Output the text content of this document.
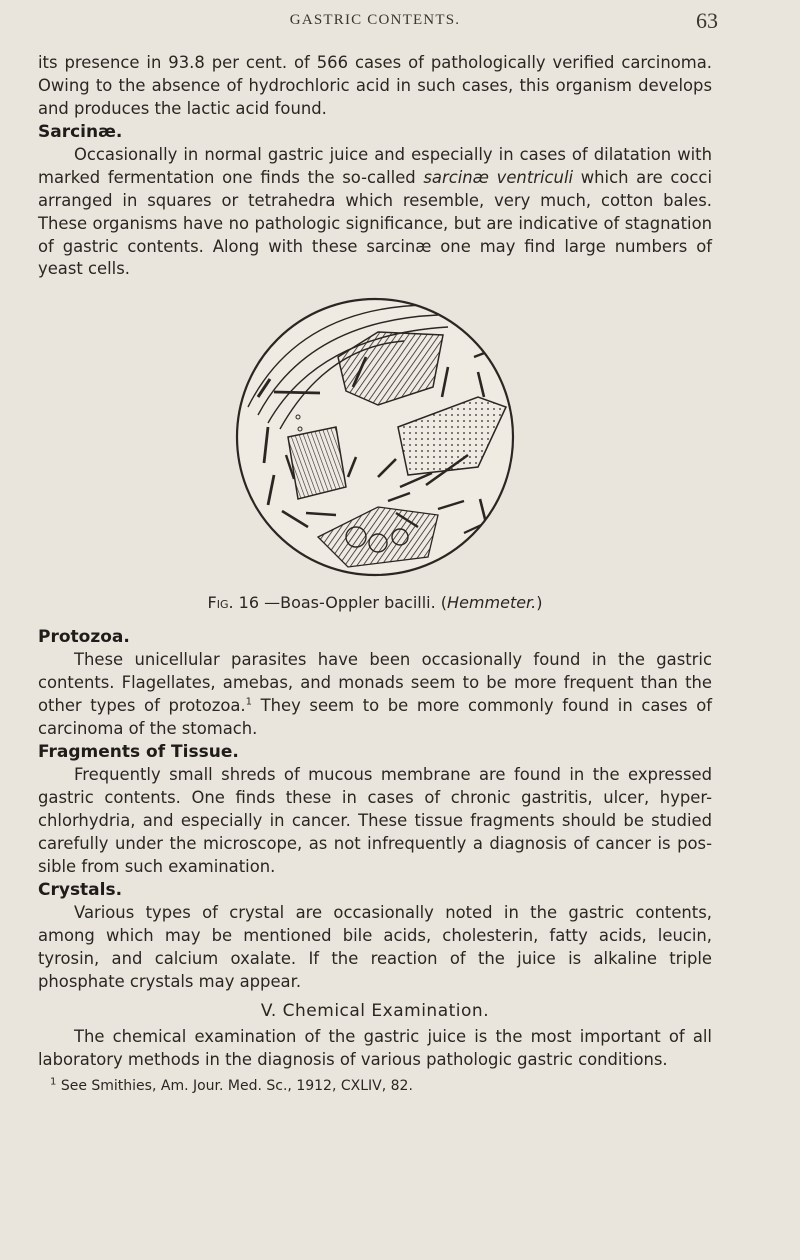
GASTRIC CONTENTS.	63

its presence in 93.8 per cent. of 566 cases of pathologically verified carcinoma. Owing to the absence of hydrochloric acid in such cases, this organism develops and produces the lactic acid found.

Sarcinæ.

Occasionally in normal gastric juice and especially in cases of dilatation with marked fermentation one finds the so-called sarcinæ ventriculi which are cocci arranged in squares or tetrahedra which resemble, very much, cotton bales. These organisms have no pathologic significance, but are indicative of stagnation of gastric contents. Along with these sarcinæ one may find large numbers of yeast cells.

Fig. 16 —Boas-Oppler bacilli. (Hemmeter.)
Protozoa.

These unicellular parasites have been occasionally found in the gastric contents. Flagellates, amebas, and monads seem to be more frequent than the other types of protozoa.$^1$ They seem to be more commonly found in cases of carcinoma of the stomach.

Fragments of Tissue.

Frequently small shreds of mucous membrane are found in the expressed gastric contents. One finds these in cases of chronic gastritis, ulcer, hyper-chlorhydria, and especially in cancer. These tissue fragments should be studied carefully under the microscope, as not infrequently a diagnosis of cancer is pos-sible from such examination.

Crystals.

Various types of crystal are occasionally noted in the gastric contents, among which may be mentioned bile acids, cholesterin, fatty acids, leucin, tyrosin, and calcium oxalate. If the reaction of the juice is alkaline triple phosphate crystals may appear.

V. Chemical Examination.

The chemical examination of the gastric juice is the most important of all laboratory methods in the diagnosis of various pathologic gastric conditions.

$^1$ See Smithies, Am. Jour. Med. Sc., 1912, CXLIV, 82.
